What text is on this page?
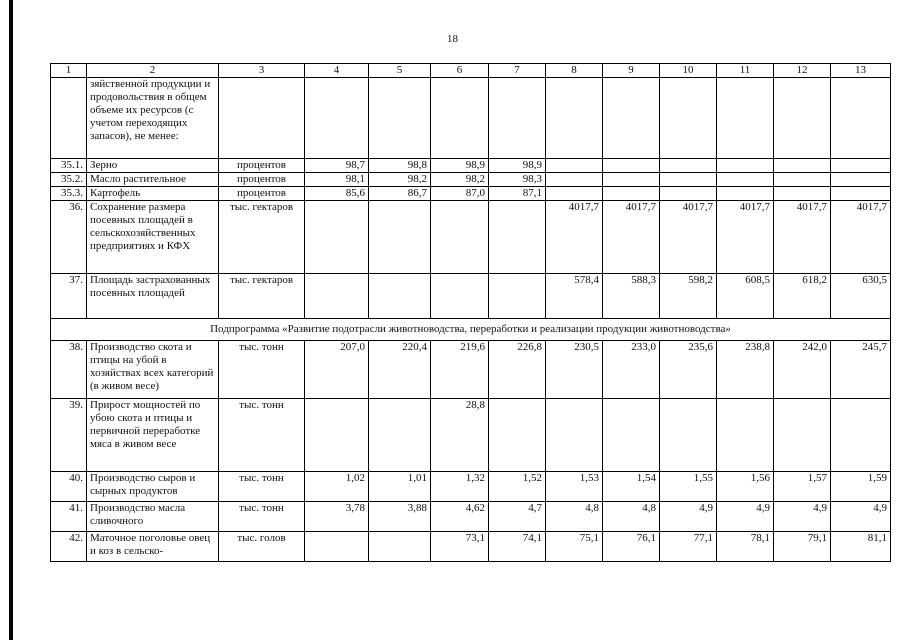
18
1	2	3	4	5	6	7	8	9	10	11	12	13
	зяйственной продукции и продовольствия в общем объеме их ресурсов (с учетом переходящих запасов), не менее:											
35.1.	Зерно	процентов	98,7	98,8	98,9	98,9						
35.2.	Масло растительное	процентов	98,1	98,2	98,2	98,3						
35.3.	Картофель	процентов	85,6	86,7	87,0	87,1						
36.	Сохранение размера посевных площадей в сельскохозяйственных предприятиях и КФХ	тыс. гектаров					4017,7	4017,7	4017,7	4017,7	4017,7	4017,7
37.	Площадь застрахованных посевных площадей	тыс. гектаров					578,4	588,3	598,2	608,5	618,2	630,5
Подпрограмма «Развитие подотрасли животноводства, переработки и реализации продукции животноводства»												
38.	Производство скота и птицы на убой в хозяйствах всех категорий (в живом весе)	тыс. тонн	207,0	220,4	219,6	226,8	230,5	233,0	235,6	238,8	242,0	245,7
39.	Прирост мощностей по убою скота и птицы и первичной переработке мяса в живом весе	тыс. тонн			28,8							
40.	Производство сыров и сырных продуктов	тыс. тонн	1,02	1,01	1,32	1,52	1,53	1,54	1,55	1,56	1,57	1,59
41.	Производство масла сливочного	тыс. тонн	3,78	3,88	4,62	4,7	4,8	4,8	4,9	4,9	4,9	4,9
42.	Маточное поголовье овец и коз в сельско-	тыс. голов			73,1	74,1	75,1	76,1	77,1	78,1	79,1	81,1
